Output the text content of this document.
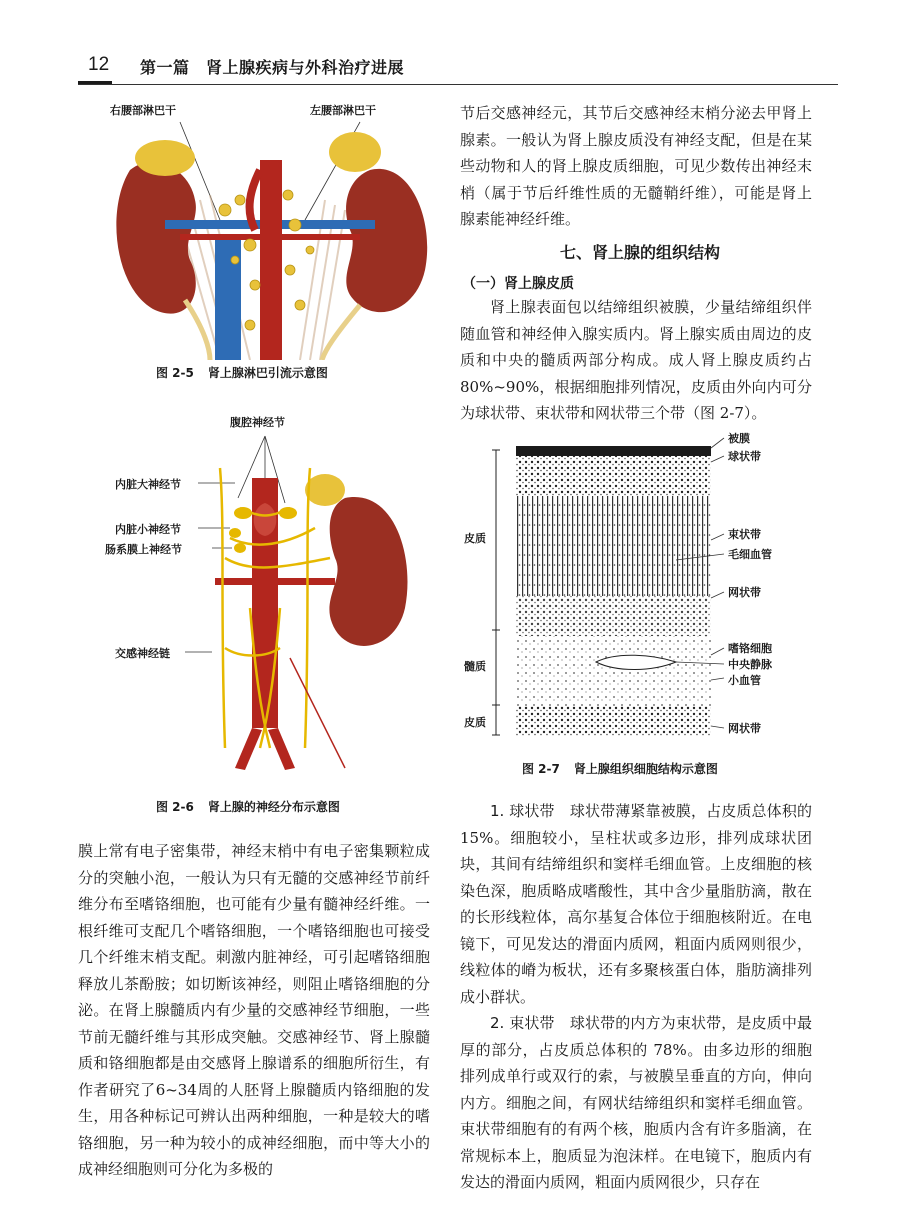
12 第一篇　肾上腺疾病与外科治疗进展
右腰部淋巴干	左腰部淋巴干
图 2-5 肾上腺淋巴引流示意图
腹腔神经节
内脏大神经节
内脏小神经节
肠系膜上神经节
交感神经链
图 2-6 肾上腺的神经分布示意图

膜上常有电子密集带，神经末梢中有电子密集颗粒成分的突触小泡，一般认为只有无髓的交感神经节前纤维分布至嗜铬细胞，也可能有少量有髓神经纤维。一根纤维可支配几个嗜铬细胞，一个嗜铬细胞也可接受几个纤维末梢支配。刺激内脏神经，可引起嗜铬细胞释放儿茶酚胺；如切断该神经，则阻止嗜铬细胞的分泌。在肾上腺髓质内有少量的交感神经节细胞，一些节前无髓纤维与其形成突触。交感神经节、肾上腺髓质和铬细胞都是由交感肾上腺谱系的细胞所衍生，有作者研究了6~34周的人胚肾上腺髓质内铬细胞的发生，用各种标记可辨认出两种细胞，一种是较大的嗜铬细胞，另一种为较小的成神经细胞，而中等大小的成神经细胞则可分化为多极的

节后交感神经元，其节后交感神经末梢分泌去甲肾上腺素。一般认为肾上腺皮质没有神经支配，但是在某些动物和人的肾上腺皮质细胞，可见少数传出神经末梢（属于节后纤维性质的无髓鞘纤维），可能是肾上腺素能神经纤维。

七、肾上腺的组织结构
（一）肾上腺皮质

肾上腺表面包以结缔组织被膜，少量结缔组织伴随血管和神经伸入腺实质内。肾上腺实质由周边的皮质和中央的髓质两部分构成。成人肾上腺皮质约占 80%~90%，根据细胞排列情况，皮质由外向内可分为球状带、束状带和网状带三个带（图 2-7）。

被膜
球状带
束状带
毛细血管
网状带
嗜铬细胞
中央静脉
小血管
网状带
皮质
髓质
皮质
图 2-7 肾上腺组织细胞结构示意图

1. 球状带　 球状带薄紧靠被膜，占皮质总体积的 15%。细胞较小，呈柱状或多边形，排列成球状团块，其间有结缔组织和窦样毛细血管。上皮细胞的核染色深，胞质略成嗜酸性，其中含少量脂肪滴，散在的长形线粒体，高尔基复合体位于细胞核附近。在电镜下，可见发达的滑面内质网，粗面内质网则很少，线粒体的嵴为板状，还有多聚核蛋白体，脂肪滴排列成小群状。

2. 束状带　 球状带的内方为束状带，是皮质中最厚的部分，占皮质总体积的 78%。由多边形的细胞排列成单行或双行的索，与被膜呈垂直的方向，伸向内方。细胞之间，有网状结缔组织和窦样毛细血管。束状带细胞有的有两个核，胞质内含有许多脂滴，在常规标本上，胞质显为泡沫样。在电镜下，胞质内有发达的滑面内质网，粗面内质网很少，只存在
